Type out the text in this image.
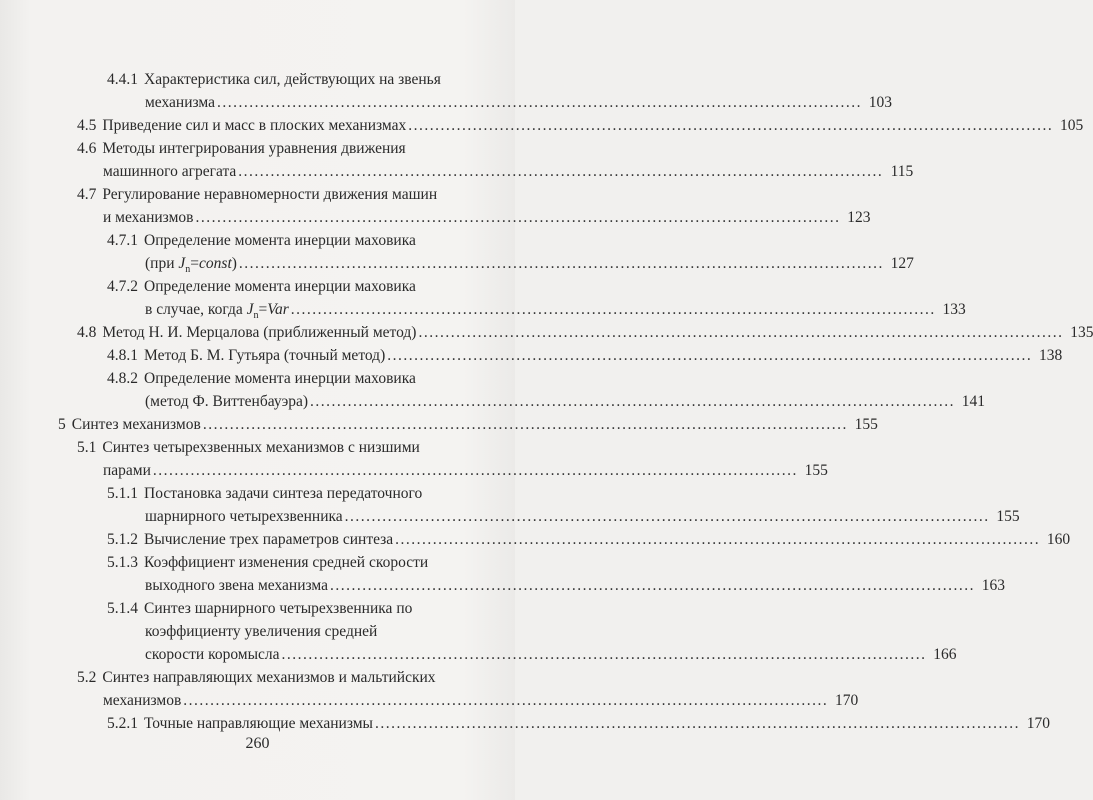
4.4.1 Характеристика сил, действующих на звенья
механизма ........................................................................................................................ 103
4.5 Приведение сил и масс в плоских механизмах ........................................................................................................................ 105
4.6 Методы интегрирования уравнения движения
машинного агрегата ........................................................................................................................ 115
4.7 Регулирование неравномерности движения машин
и механизмов ........................................................................................................................ 123
4.7.1 Определение момента инерции маховика
(при $J_n=const$) ........................................................................................................................ 127
4.7.2 Определение момента инерции маховика
в случае, когда $J_n=Var$ ........................................................................................................................ 133
4.8 Метод Н. И. Мерцалова (приближенный метод) ........................................................................................................................ 135
4.8.1 Метод Б. М. Гутьяра (точный метод) ........................................................................................................................ 138
4.8.2 Определение момента инерции маховика
(метод Ф. Виттенбауэра) ........................................................................................................................ 141
5 Синтез механизмов ........................................................................................................................ 155
5.1 Синтез четырехзвенных механизмов с низшими
парами ........................................................................................................................ 155
5.1.1 Постановка задачи синтеза передаточного
шарнирного четырехзвенника ........................................................................................................................ 155
5.1.2 Вычисление трех параметров синтеза ........................................................................................................................ 160
5.1.3 Коэффициент изменения средней скорости
выходного звена механизма ........................................................................................................................ 163
5.1.4 Синтез шарнирного четырехзвенника по
коэффициенту увеличения средней
скорости коромысла ........................................................................................................................ 166
5.2 Синтез направляющих механизмов и мальтийских
механизмов ........................................................................................................................ 170
5.2.1 Точные направляющие механизмы ........................................................................................................................ 170
260
